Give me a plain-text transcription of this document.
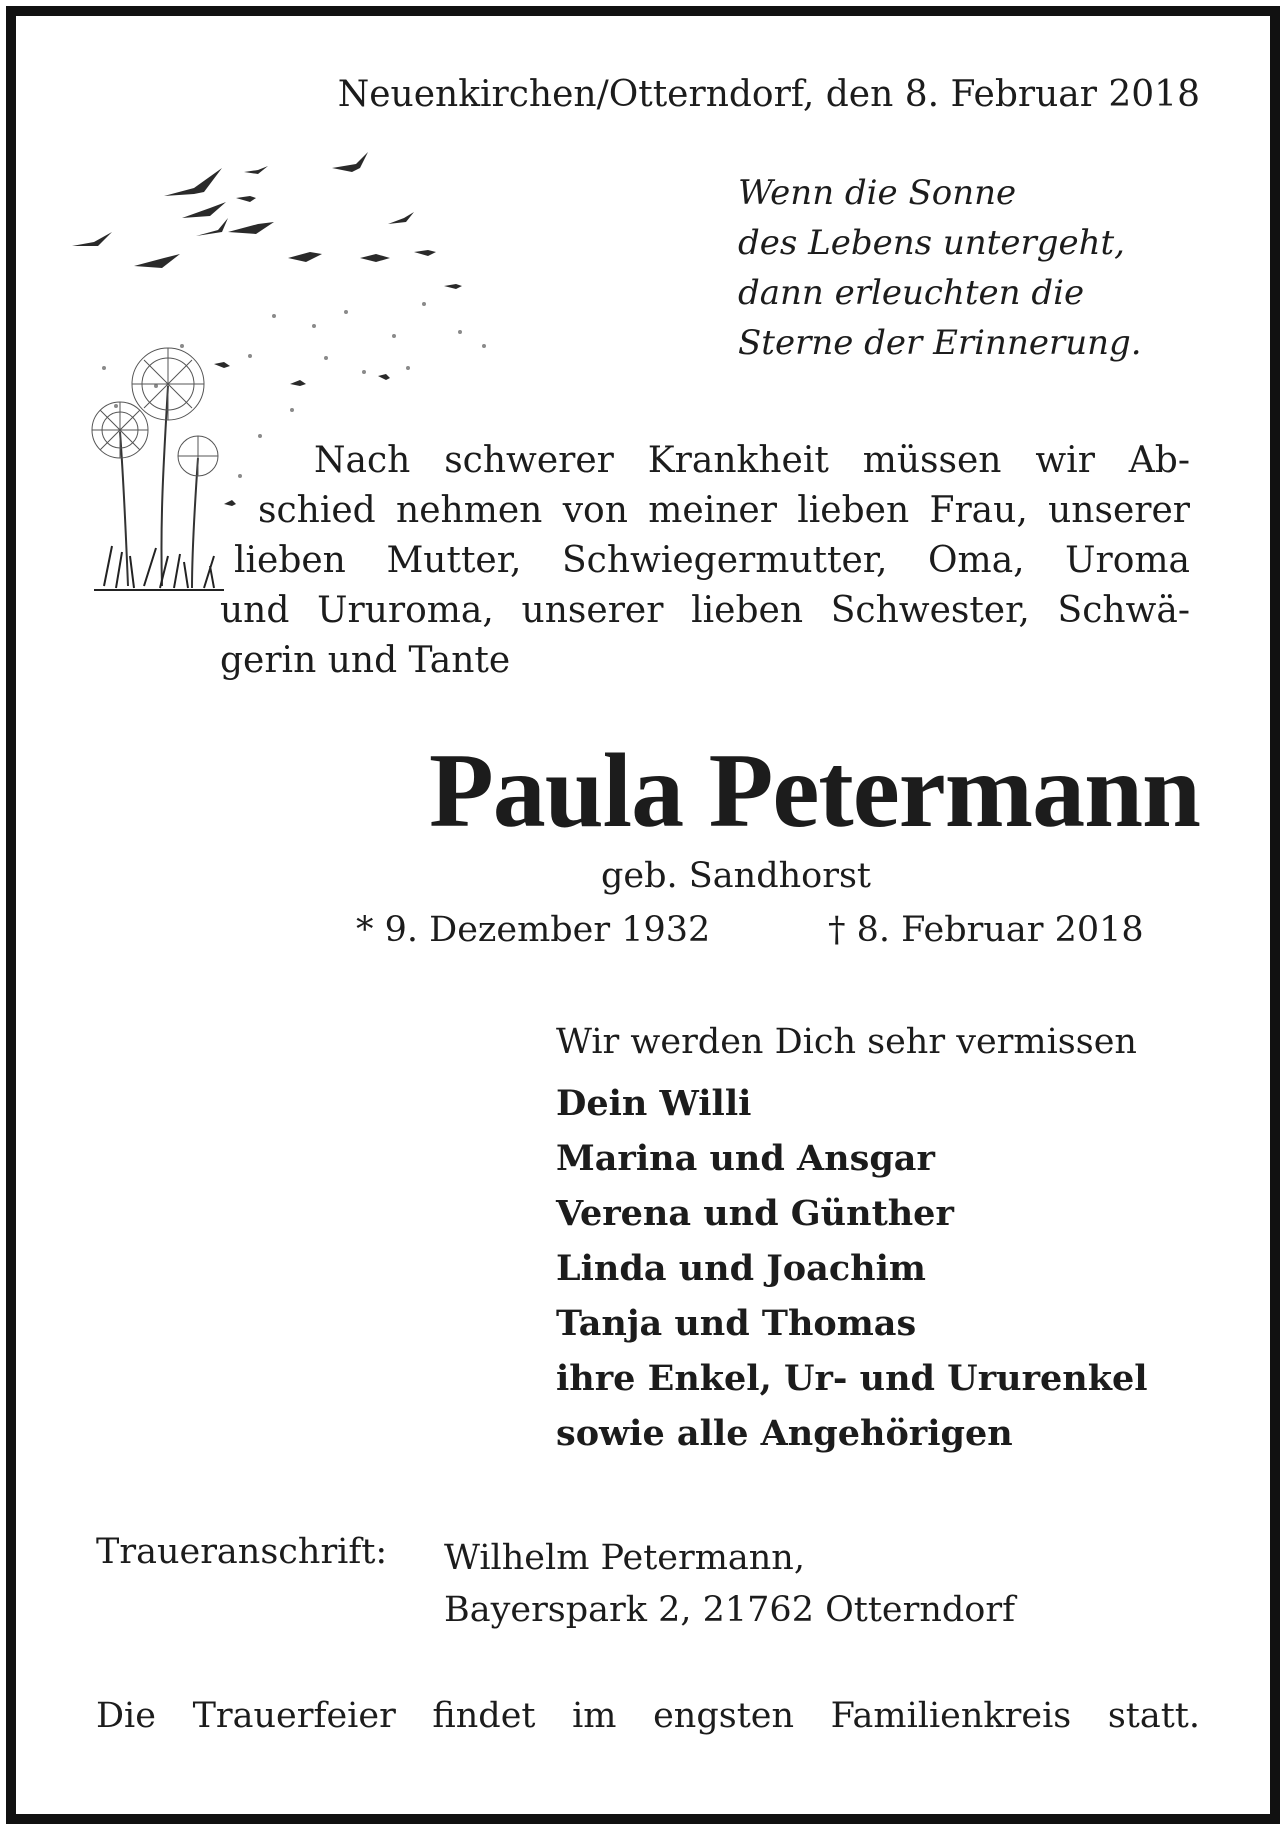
Neuenkirchen/Otterndorf, den 8. Februar 2018
Wenn die Sonne
des Lebens untergeht,
dann erleuchten die
Sterne der Erinnerung.
Nach schwerer Krankheit müssen wir Ab-
schied nehmen von meiner lieben Frau, unserer
lieben Mutter, Schwiegermutter, Oma, Uroma
und Ururoma, unserer lieben Schwester, Schwä-
gerin und Tante
Paula Petermann
geb. Sandhorst
* 9. Dezember 1932	† 8. Februar 2018
Wir werden Dich sehr vermissen
Dein Willi
Marina und Ansgar
Verena und Günther
Linda und Joachim
Tanja und Thomas
ihre Enkel, Ur- und Ururenkel
sowie alle Angehörigen
Traueranschrift: Wilhelm Petermann,
Bayerspark 2, 21762 Otterndorf
Die Trauerfeier findet im engsten Familienkreis statt.
